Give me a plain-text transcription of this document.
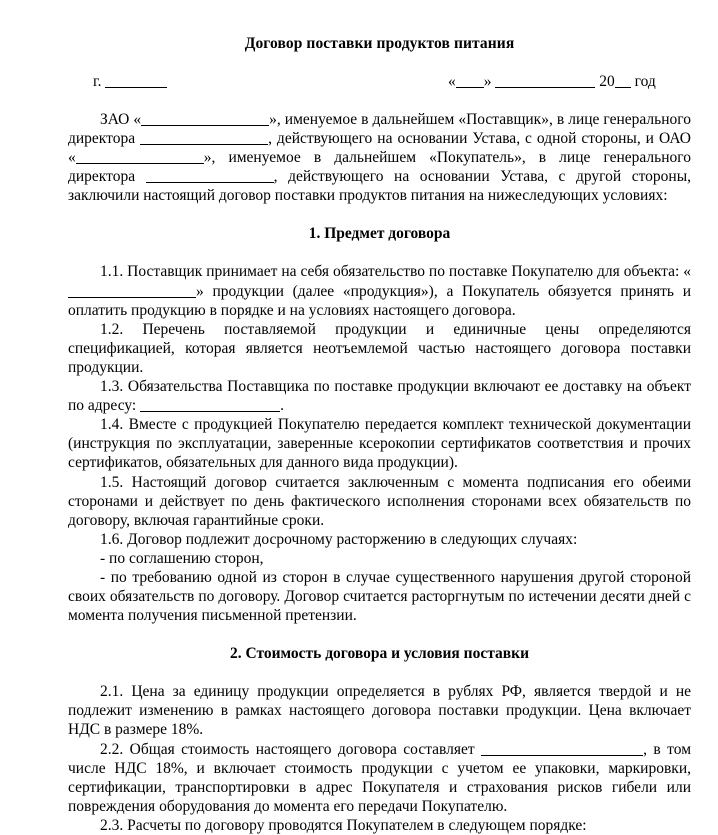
Договор поставки продуктов питания
г.	« »	20 год

ЗАО «	», именуемое в дальнейшем «Поставщик», в лице генерального директора	, действующего на основании Устава, с одной стороны, и ОАО «	», именуемое в дальнейшем «Покупатель», в лице генерального директора	, действующего на основании Устава, с другой стороны, заключили настоящий договор поставки продуктов питания на нижеследующих условиях:

1. Предмет договора

1.1. Поставщик принимает на себя обязательство по поставке Покупателю для объекта: «» продукции (далее «продукция»), а Покупатель обязуется принять и оплатить продукцию в порядке и на условиях настоящего договора.

1.2. Перечень поставляемой продукции и единичные цены определяются спецификацией, которая является неотъемлемой частью настоящего договора поставки продукции.

1.3. Обязательства Поставщика по поставке продукции включают ее доставку на объект по адресу:	.

1.4. Вместе с продукцией Покупателю передается комплект технической документации (инструкция по эксплуатации, заверенные ксерокопии сертификатов соответствия и прочих сертификатов, обязательных для данного вида продукции).

1.5. Настоящий договор считается заключенным с момента подписания его обеими сторонами и действует по день фактического исполнения сторонами всех обязательств по договору, включая гарантийные сроки.

1.6. Договор подлежит досрочному расторжению в следующих случаях:

- по соглашению сторон,

- по требованию одной из сторон в случае существенного нарушения другой стороной своих обязательств по договору. Договор считается расторгнутым по истечении десяти дней с момента получения письменной претензии.

2. Стоимость договора и условия поставки

2.1. Цена за единицу продукции определяется в рублях РФ, является твердой и не подлежит изменению в рамках настоящего договора поставки продукции. Цена включает НДС в размере 18%.

2.2. Общая стоимость настоящего договора составляет	, в том числе НДС 18%, и включает стоимость продукции с учетом ее упаковки, маркировки, сертификации, транспортировки в адрес Покупателя и страхования рисков гибели или повреждения оборудования до момента его передачи Покупателю.

2.3. Расчеты по договору проводятся Покупателем в следующем порядке:
